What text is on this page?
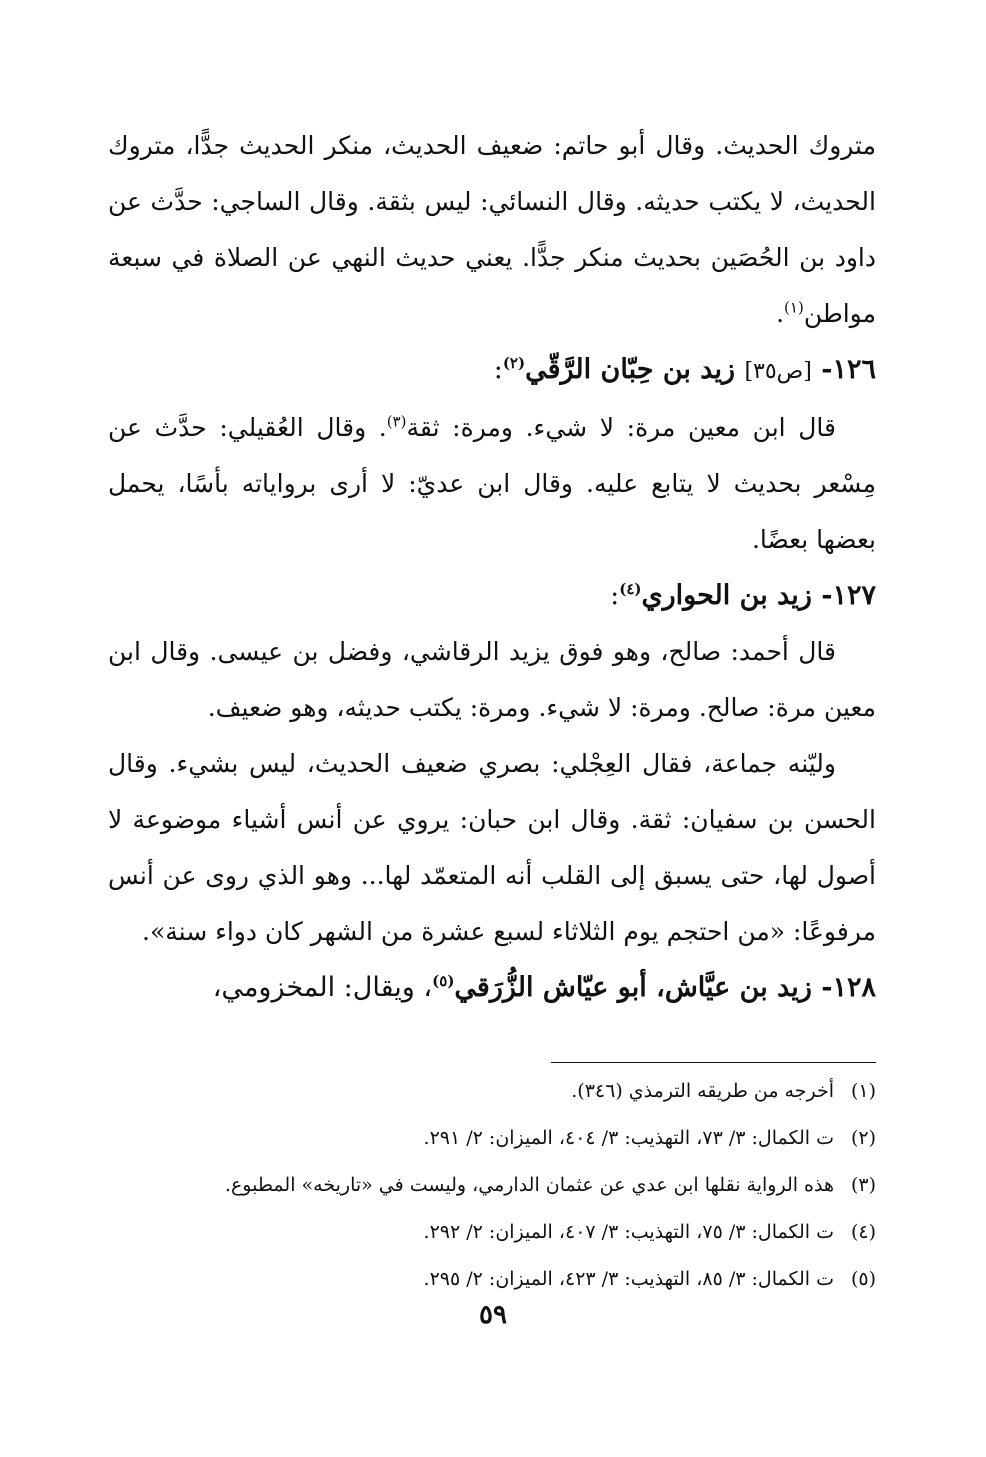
متروك الحديث. وقال أبو حاتم: ضعيف الحديث، منكر الحديث جدًّا، متروك الحديث، لا يكتب حديثه. وقال النسائي: ليس بثقة. وقال الساجي: حدَّث عن داود بن الحُصَين بحديث منكر جدًّا. يعني حديث النهي عن الصلاة في سبعة مواطن$^{(١)}$.

١٢٦- [ص٣٥] زيد بن حِبّان الرَّقّي$^{(٢)}$:

قال ابن معين مرة: لا شيء. ومرة: ثقة$^{(٣)}$. وقال العُقيلي: حدَّث عن مِسْعر بحديث لا يتابع عليه. وقال ابن عديّ: لا أرى برواياته بأسًا، يحمل بعضها بعضًا.

١٢٧- زيد بن الحواري$^{(٤)}$:

قال أحمد: صالح، وهو فوق يزيد الرقاشي، وفضل بن عيسى. وقال ابن معين مرة: صالح. ومرة: لا شيء. ومرة: يكتب حديثه، وهو ضعيف.

وليّنه جماعة، فقال العِجْلي: بصري ضعيف الحديث، ليس بشيء. وقال الحسن بن سفيان: ثقة. وقال ابن حبان: يروي عن أنس أشياء موضوعة لا أصول لها، حتى يسبق إلى القلب أنه المتعمّد لها... وهو الذي روى عن أنس مرفوعًا: «من احتجم يوم الثلاثاء لسبع عشرة من الشهر كان دواء سنة».

١٢٨- زيد بن عيَّاش، أبو عيّاش الزُّرَقي$^{(٥)}$، ويقال: المخزومي،

(١)أخرجه من طريقه الترمذي (٣٤٦).

(٢)ت الكمال: ٣/ ٧٣، التهذيب: ٣/ ٤٠٤، الميزان: ٢/ ٢٩١.

(٣)هذه الرواية نقلها ابن عدي عن عثمان الدارمي، وليست في «تاريخه» المطبوع.

(٤)ت الكمال: ٣/ ٧٥، التهذيب: ٣/ ٤٠٧، الميزان: ٢/ ٢٩٢.

(٥)ت الكمال: ٣/ ٨٥، التهذيب: ٣/ ٤٢٣، الميزان: ٢/ ٢٩٥.

٥٩
